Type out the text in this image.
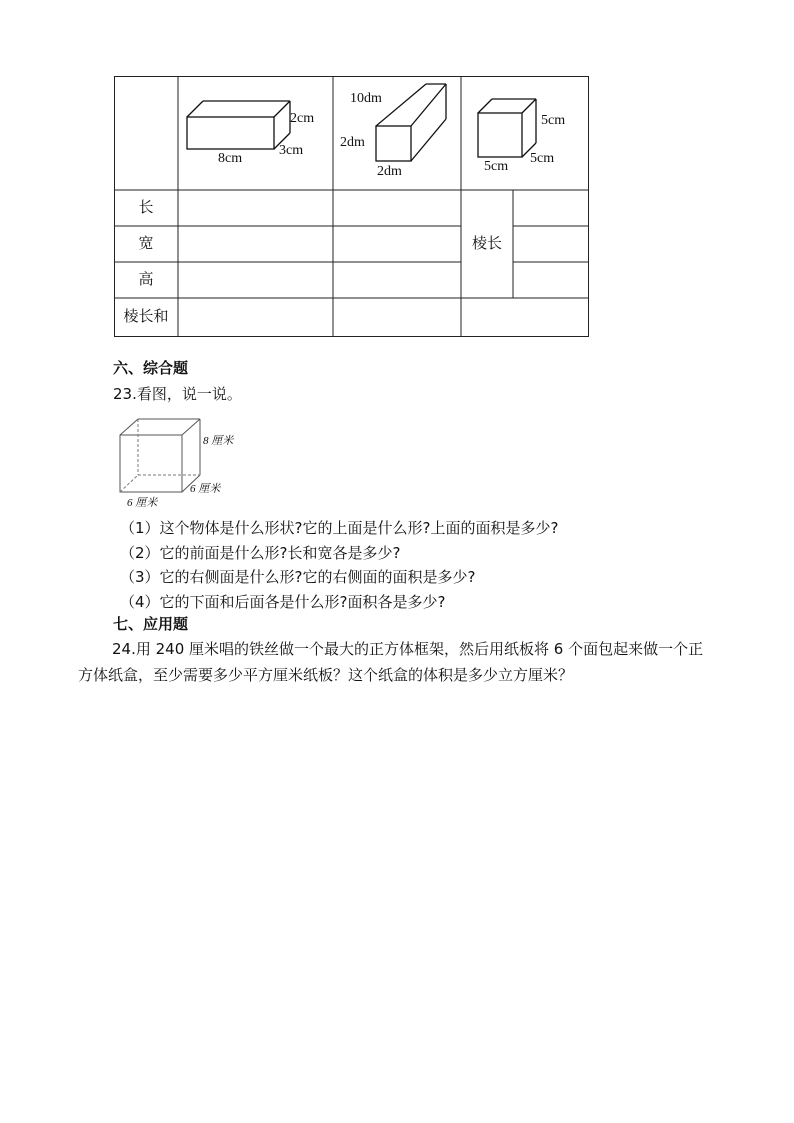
8cm
2cm
3cm
10dm
2dm
2dm
5cm
5cm
5cm
长
宽
高
棱长和
棱长
六、综合题
23.看图，说一说。
8 厘米
6 厘米
6 厘米
（1）这个物体是什么形状?它的上面是什么形?上面的面积是多少?
（2）它的前面是什么形?长和宽各是多少?
（3）它的右侧面是什么形?它的右侧面的面积是多少?
（4）它的下面和后面各是什么形?面积各是多少?
七、应用题
24.用 240 厘米唱的铁丝做一个最大的正方体框架，然后用纸板将 6 个面包起来做一个正方体纸盒，至少需要多少平方厘米纸板？这个纸盒的体积是多少立方厘米？
